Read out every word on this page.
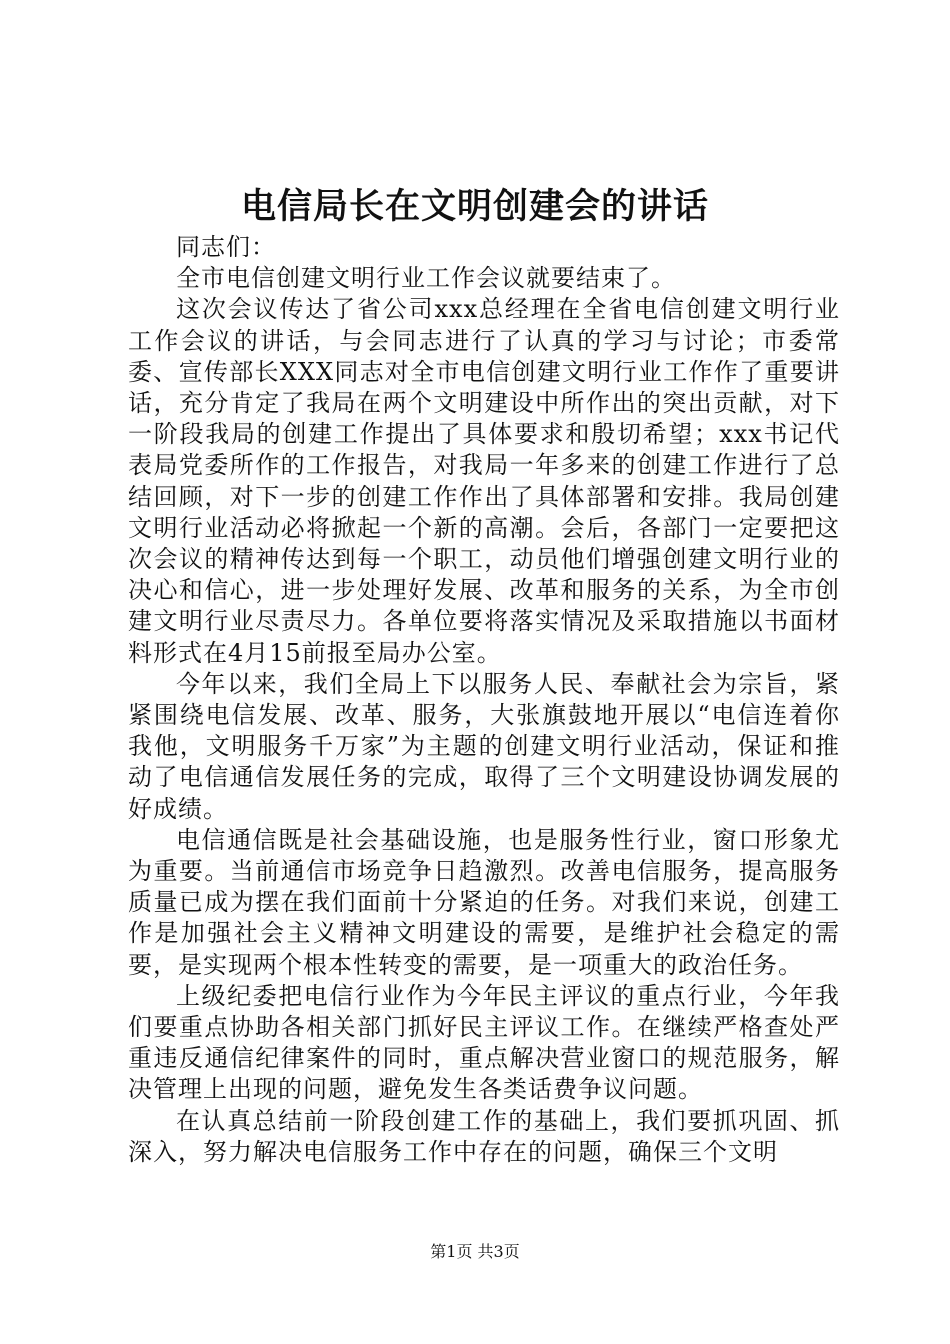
电信局长在文明创建会的讲话

同志们：

全市电信创建文明行业工作会议就要结束了。

这次会议传达了省公司xxx总经理在全省电信创建文明行业工作会议的讲话，与会同志进行了认真的学习与讨论；市委常委、宣传部长XXX同志对全市电信创建文明行业工作作了重要讲话，充分肯定了我局在两个文明建设中所作出的突出贡献，对下一阶段我局的创建工作提出了具体要求和殷切希望；xxx书记代表局党委所作的工作报告，对我局一年多来的创建工作进行了总结回顾，对下一步的创建工作作出了具体部署和安排。我局创建文明行业活动必将掀起一个新的高潮。会后，各部门一定要把这次会议的精神传达到每一个职工，动员他们增强创建文明行业的决心和信心，进一步处理好发展、改革和服务的关系，为全市创建文明行业尽责尽力。各单位要将落实情况及采取措施以书面材料形式在4月15前报至局办公室。

今年以来，我们全局上下以服务人民、奉献社会为宗旨，紧紧围绕电信发展、改革、服务，大张旗鼓地开展以“电信连着你我他，文明服务千万家”为主题的创建文明行业活动，保证和推动了电信通信发展任务的完成，取得了三个文明建设协调发展的好成绩。

电信通信既是社会基础设施，也是服务性行业，窗口形象尤为重要。当前通信市场竞争日趋激烈。改善电信服务，提高服务质量已成为摆在我们面前十分紧迫的任务。对我们来说，创建工作是加强社会主义精神文明建设的需要，是维护社会稳定的需要，是实现两个根本性转变的需要，是一项重大的政治任务。

上级纪委把电信行业作为今年民主评议的重点行业，今年我们要重点协助各相关部门抓好民主评议工作。在继续严格查处严重违反通信纪律案件的同时，重点解决营业窗口的规范服务，解决管理上出现的问题，避免发生各类话费争议问题。

在认真总结前一阶段创建工作的基础上，我们要抓巩固、抓深入，努力解决电信服务工作中存在的问题，确保三个文明

第1页 共3页
